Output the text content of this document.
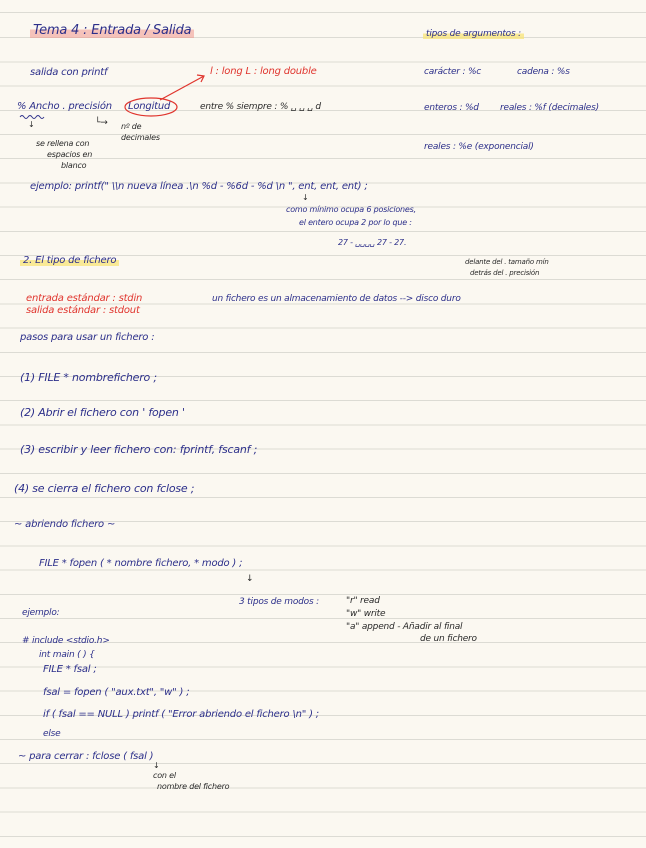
Tema 4 : Entrada / Salida	tipos de argumentos :
carácter : %c	cadena : %s
enteros : %d reales : %f (decimales)
reales : %e (exponencial)
salida con printf	l : long L : long double
% Ancho . precisión Longitud	entre % siempre : % ␣ ␣ ␣ d
↓	└→ nº de
decimales
se rellena con
espacios en
blanco
ejemplo: printf(" \\n nueva línea .\n %d - %6d - %d \n ", ent, ent, ent) ;
↓
como mínimo ocupa 6 posiciones,
el entero ocupa 2 por lo que :
27 - ␣␣␣␣ 27 - 27.
2. El tipo de fichero	delante del . tamaño mín
detrás del . precisión
entrada estándar : stdin
salida estándar : stdout
un fichero es un almacenamiento de datos --> disco duro
pasos para usar un fichero :
(1) FILE * nombrefichero ;
(2) Abrir el fichero con ' fopen '
(3) escribir y leer fichero con: fprintf, fscanf ;
(4) se cierra el fichero con fclose ;
~ abriendo fichero ~
FILE * fopen ( * nombre fichero, * modo ) ;
↓
3 tipos de modos :	"r" read
"w" write
"a" append - Añadir al final
de un fichero
ejemplo:
# include <stdio.h>
int main ( ) {
FILE * fsal ;
fsal = fopen ( "aux.txt", "w" ) ;
if ( fsal == NULL ) printf ( "Error abriendo el fichero \n" ) ;
else
~ para cerrar : fclose ( fsal )
↓
con el
nombre del fichero
